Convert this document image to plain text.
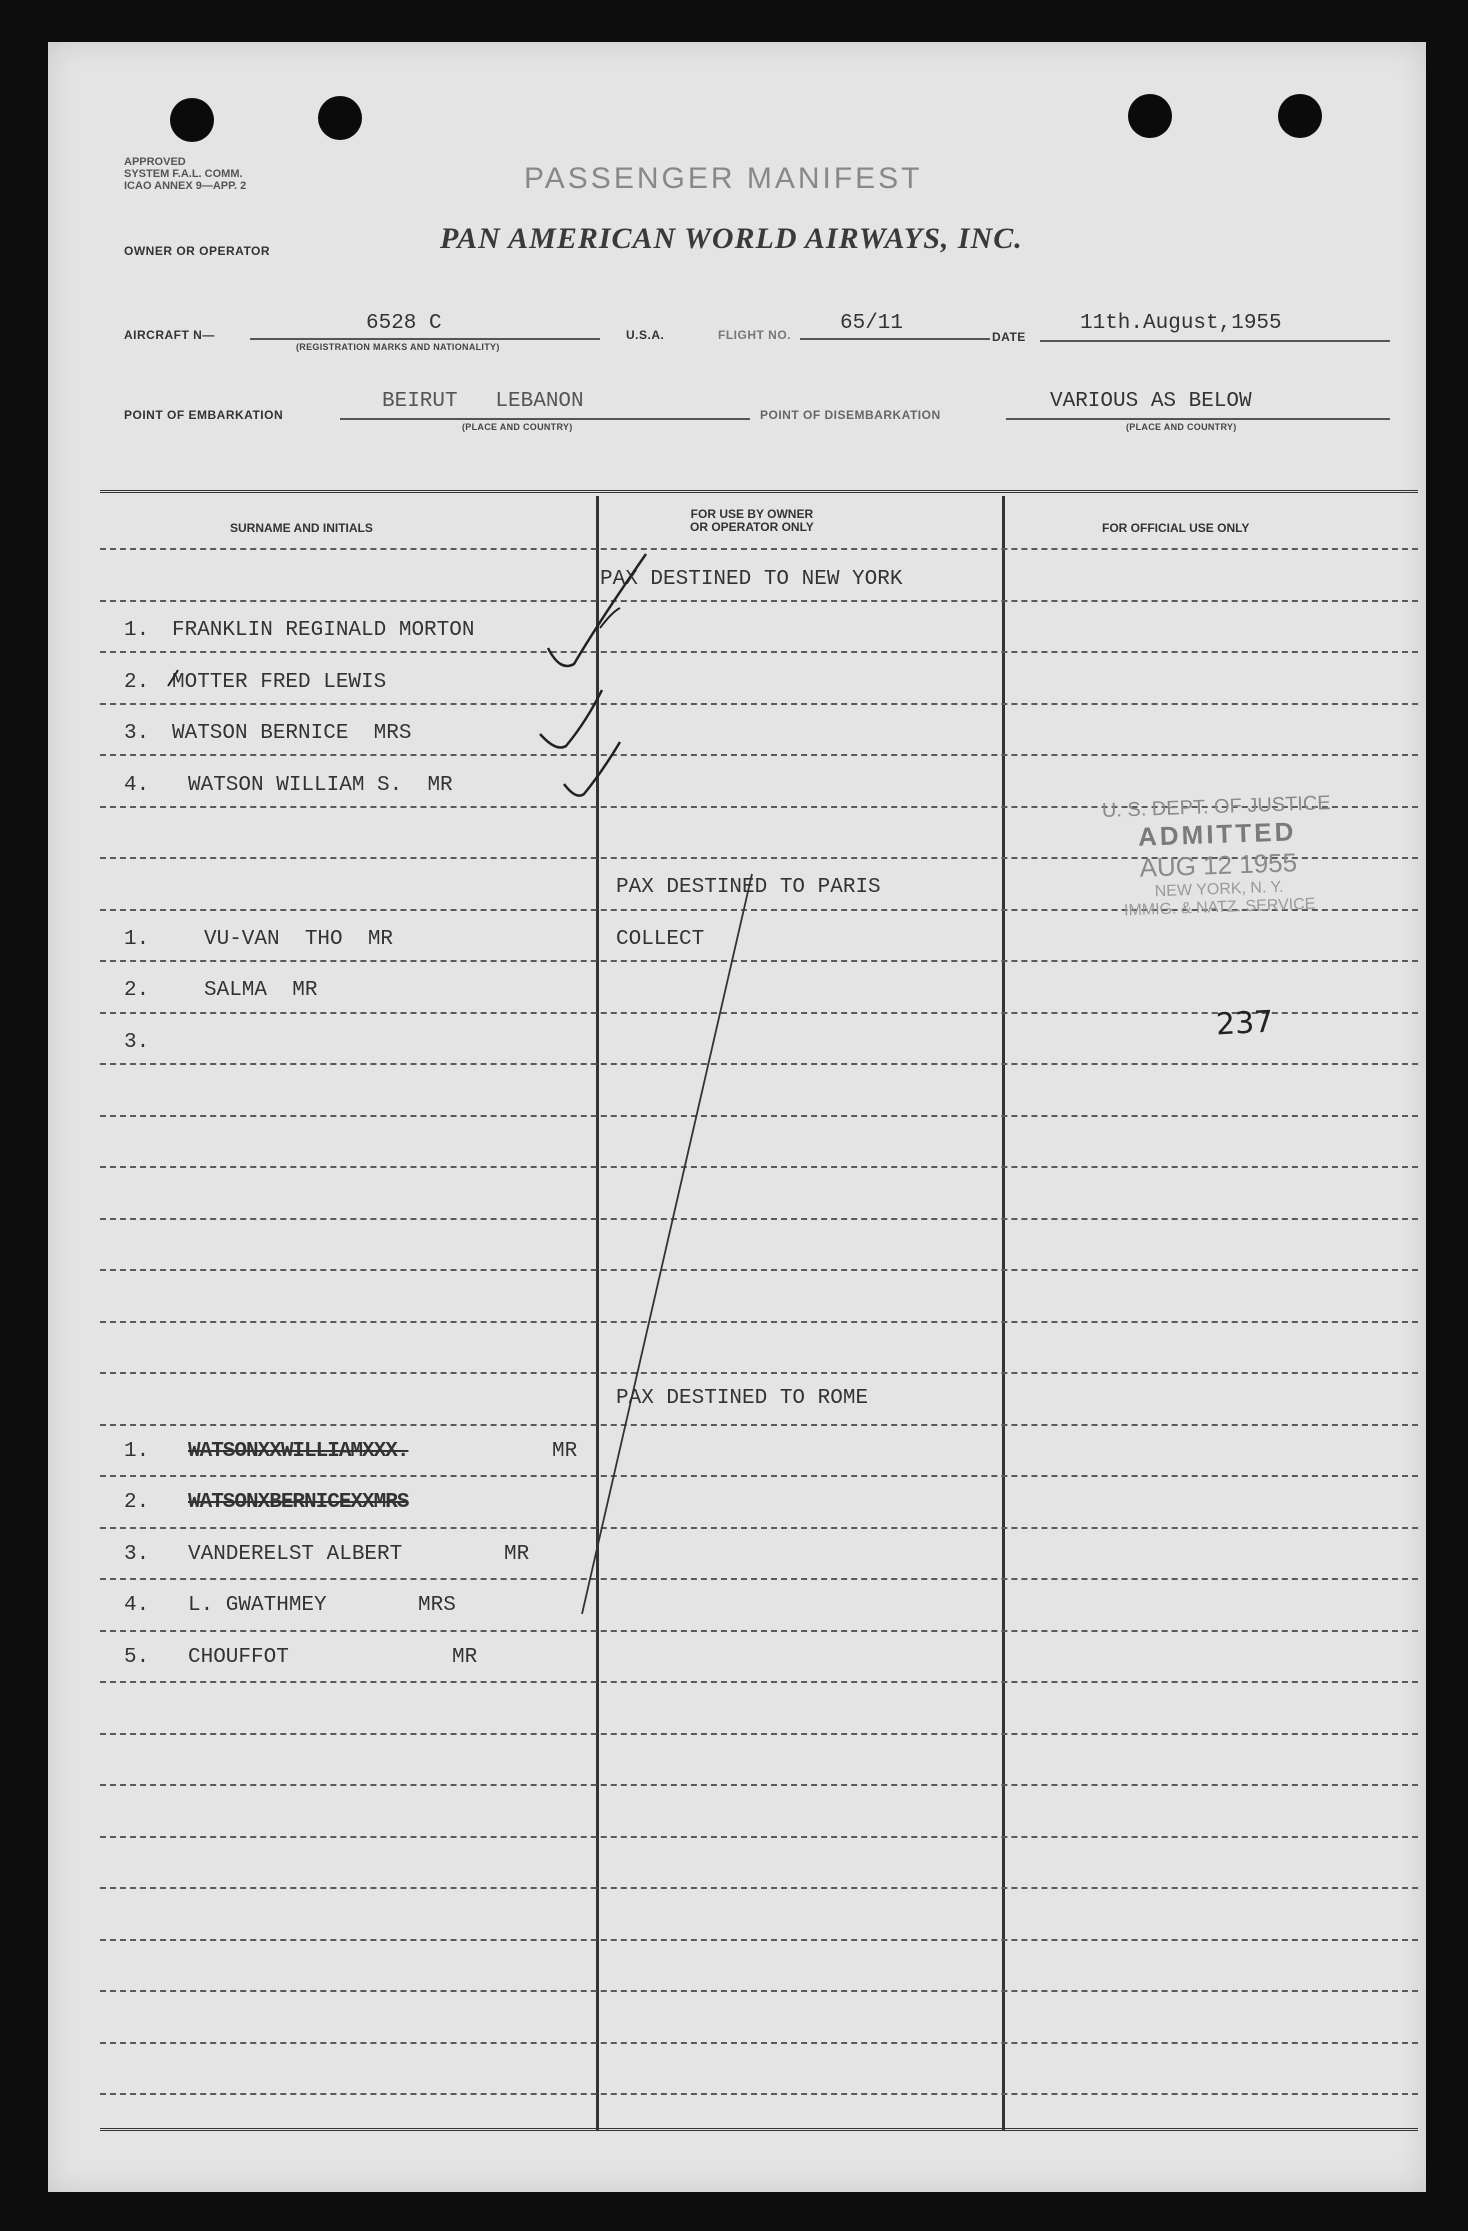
APPROVED
SYSTEM F.A.L. COMM.
ICAO ANNEX 9—APP. 2	PASSENGER MANIFEST
OWNER OR OPERATOR	PAN AMERICAN WORLD AIRWAYS, INC.
AIRCRAFT N—	6528 C
(REGISTRATION MARKS AND NATIONALITY)
U.S.A.	FLIGHT NO. 65/11
DATE
11th.August,1955
POINT OF EMBARKATION
BEIRUT   LEBANON
(PLACE AND COUNTRY)
POINT OF DISEMBARKATION
VARIOUS AS BELOW
(PLACE AND COUNTRY)
SURNAME AND INITIALS
FOR USE BY OWNER
OR OPERATOR ONLY	FOR OFFICIAL USE ONLY
PAX DESTINED TO NEW YORK
1. FRANKLIN REGINALD MORTON
2. MOTTER FRED LEWIS
3. WATSON BERNICE  MRS
4. WATSON WILLIAM S.  MR
PAX DESTINED TO PARIS
COLLECT
1.	VU-VAN  THO  MR
2.	SALMA  MR
3.
PAX DESTINED TO ROME
1. WATSONXXWILLIAMXXX.	MR
2. WATSONXBERNICEXXMRS
3. VANDERELST ALBERT	MR
4. L. GWATHMEY	MRS
5. CHOUFFOT	MR
U. S. DEPT. OF JUSTICE
ADMITTED
AUG 12 1955
NEW YORK, N. Y.
IMMIG. & NATZ. SERVICE
237
